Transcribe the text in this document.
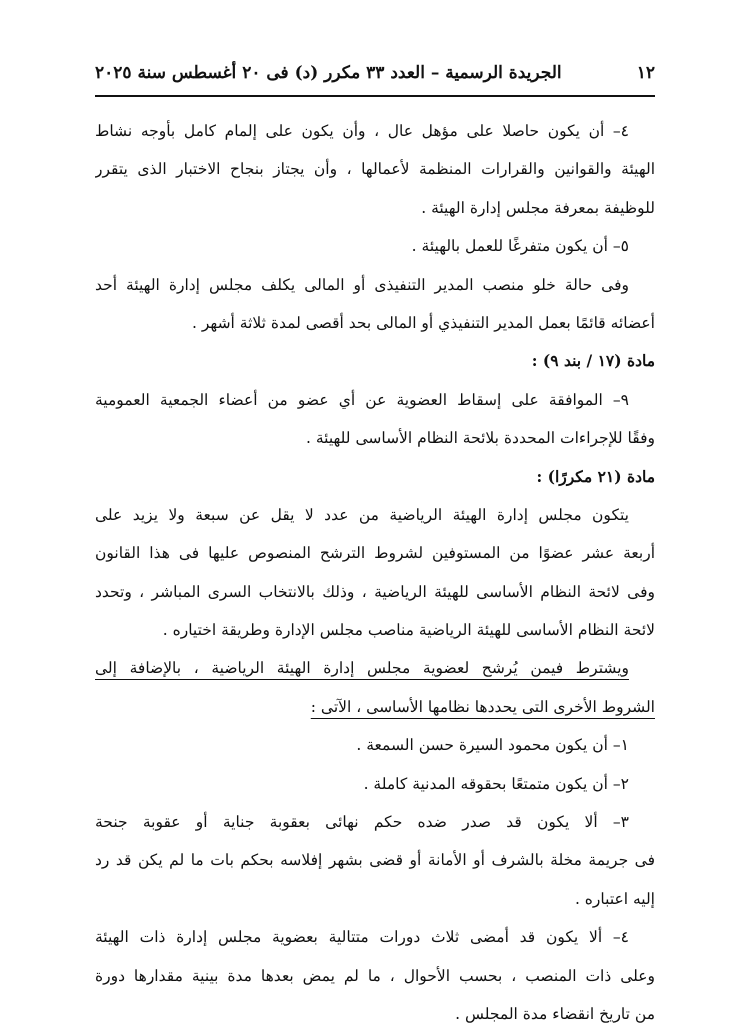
١٢
الجريدة الرسمية – العدد ٣٣ مكرر (د) فى ٢٠ أغسطس سنة ٢٠٢٥
٤– أن يكون حاصلا على مؤهل عال ، وأن يكون على إلمام كامل بأوجه نشاط
الهيئة والقوانين والقرارات المنظمة لأعمالها ، وأن يجتاز بنجاح الاختبار الذى يتقرر
للوظيفة بمعرفة مجلس إدارة الهيئة .
٥– أن يكون متفرغًا للعمل بالهيئة .
وفى حالة خلو منصب المدير التنفيذى أو المالى يكلف مجلس إدارة الهيئة أحد
أعضائه قائمًا بعمل المدير التنفيذي أو المالى بحد أقصى لمدة ثلاثة أشهر .
مادة (١٧ / بند ٩) :
٩– الموافقة على إسقاط العضوية عن أي عضو من أعضاء الجمعية العمومية
وفقًا للإجراءات المحددة بلائحة النظام الأساسى للهيئة .
مادة (٢١ مكررًا) :
يتكون مجلس إدارة الهيئة الرياضية من عدد لا يقل عن سبعة ولا يزيد على
أربعة عشر عضوًا من المستوفين لشروط الترشح المنصوص عليها فى هذا القانون
وفى لائحة النظام الأساسى للهيئة الرياضية ، وذلك بالانتخاب السرى المباشر ، وتحدد
لائحة النظام الأساسى للهيئة الرياضية مناصب مجلس الإدارة وطريقة اختياره .
ويشترط فيمن يُرشح لعضوية مجلس إدارة الهيئة الرياضية ، بالإضافة إلى
الشروط الأخرى التى يحددها نظامها الأساسى ، الآتى :
١– أن يكون محمود السيرة حسن السمعة .
٢– أن يكون متمتعًا بحقوقه المدنية كاملة .
٣– ألا يكون قد صدر ضده حكم نهائى بعقوبة جناية أو عقوبة جنحة
فى جريمة مخلة بالشرف أو الأمانة أو قضى بشهر إفلاسه بحكم بات ما لم يكن قد رد
إليه اعتباره .
٤– ألا يكون قد أمضى ثلاث دورات متتالية بعضوية مجلس إدارة ذات الهيئة
وعلى ذات المنصب ، بحسب الأحوال ، ما لم يمض بعدها مدة بينية مقدارها دورة
من تاريخ انقضاء مدة المجلس .
